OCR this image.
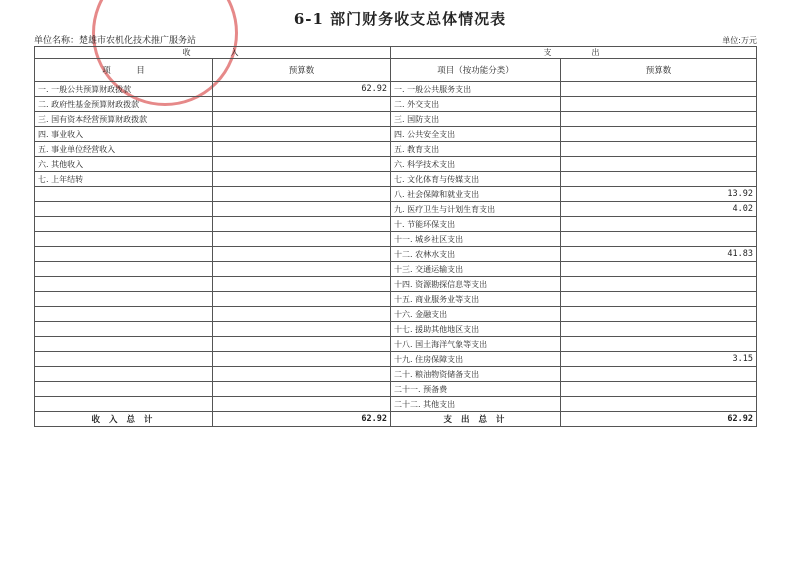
6-1 部门财务收支总体情况表
单位名称：楚雄市农机化技术推广服务站	单位:万元
收　　　入		支　　　出	
项　　　目	预算数	项目（按功能分类）	预算数
一. 一般公共预算财政拨款	62.92	一. 一般公共服务支出	
二. 政府性基金预算财政拨款		二. 外交支出	
三. 国有资本经营预算财政拨款		三. 国防支出	
四. 事业收入		四. 公共安全支出	
五. 事业单位经营收入		五. 教育支出	
六. 其他收入		六. 科学技术支出	
七. 上年结转		七. 文化体育与传媒支出	
		八. 社会保障和就业支出	13.92
		九. 医疗卫生与计划生育支出	4.02
		十. 节能环保支出	
		十一. 城乡社区支出	
		十二. 农林水支出	41.83
		十三. 交通运输支出	
		十四. 资源勘探信息等支出	
		十五. 商业服务业等支出	
		十六. 金融支出	
		十七. 援助其他地区支出	
		十八. 国土海洋气象等支出	
		十九. 住房保障支出	3.15
		二十. 粮油物资储备支出	
		二十一. 预备费	
		二十二. 其他支出	
收 入 总 计	62.92	支 出 总 计	62.92
